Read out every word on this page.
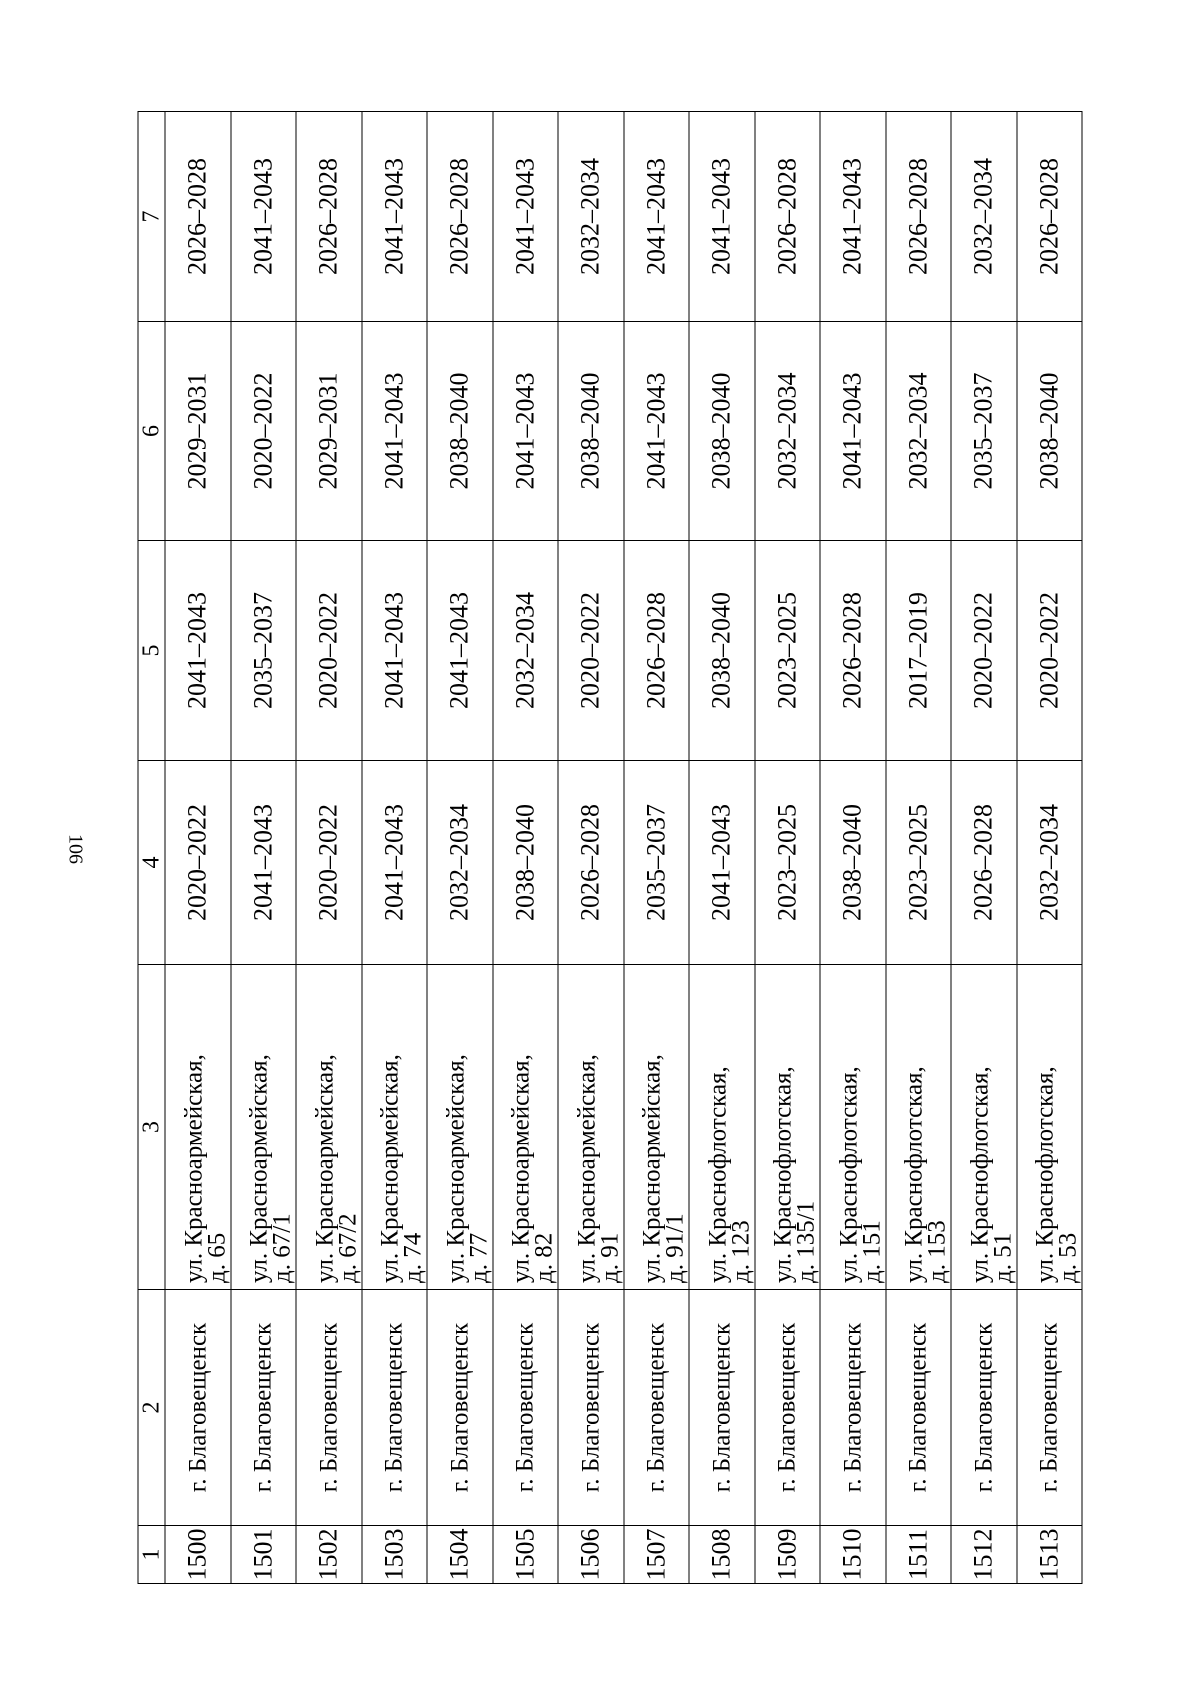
106
1	2	3	4	5	6	7
1500	г. Благовещенск	ул. Красноармейская,
д. 65	2020–2022	2041–2043	2029–2031	2026–2028
1501	г. Благовещенск	ул. Красноармейская,
д. 67/1	2041–2043	2035–2037	2020–2022	2041–2043
1502	г. Благовещенск	ул. Красноармейская,
д. 67/2	2020–2022	2020–2022	2029–2031	2026–2028
1503	г. Благовещенск	ул. Красноармейская,
д. 74	2041–2043	2041–2043	2041–2043	2041–2043
1504	г. Благовещенск	ул. Красноармейская,
д. 77	2032–2034	2041–2043	2038–2040	2026–2028
1505	г. Благовещенск	ул. Красноармейская,
д. 82	2038–2040	2032–2034	2041–2043	2041–2043
1506	г. Благовещенск	ул. Красноармейская,
д. 91	2026–2028	2020–2022	2038–2040	2032–2034
1507	г. Благовещенск	ул. Красноармейская,
д. 91/1	2035–2037	2026–2028	2041–2043	2041–2043
1508	г. Благовещенск	ул. Краснофлотская,
д. 123	2041–2043	2038–2040	2038–2040	2041–2043
1509	г. Благовещенск	ул. Краснофлотская,
д. 135/1	2023–2025	2023–2025	2032–2034	2026–2028
1510	г. Благовещенск	ул. Краснофлотская,
д. 151	2038–2040	2026–2028	2041–2043	2041–2043
1511	г. Благовещенск	ул. Краснофлотская,
д. 153	2023–2025	2017–2019	2032–2034	2026–2028
1512	г. Благовещенск	ул. Краснофлотская,
д. 51	2026–2028	2020–2022	2035–2037	2032–2034
1513	г. Благовещенск	ул. Краснофлотская,
д. 53	2032–2034	2020–2022	2038–2040	2026–2028
